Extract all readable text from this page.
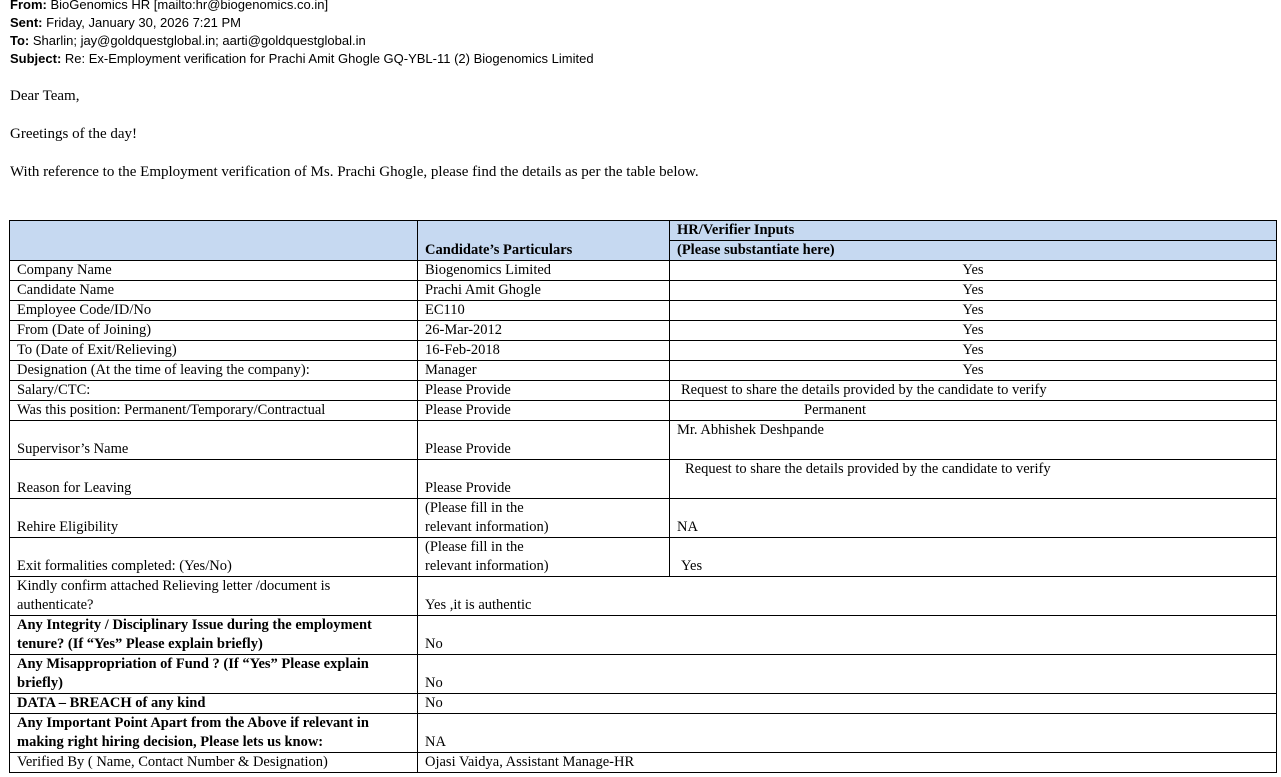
From: BioGenomics HR [mailto:hr@biogenomics.co.in]
Sent: Friday, January 30, 2026 7:21 PM
To: Sharlin; jay@goldquestglobal.in; aarti@goldquestglobal.in
Subject: Re: Ex-Employment verification for Prachi Amit Ghogle GQ-YBL-11 (2) Biogenomics Limited
Dear Team,
Greetings of the day!
With reference to the Employment verification of Ms. Prachi Ghogle, please find the details as per the table below.
	Candidate’s Particulars	HR/Verifier Inputs
		(Please substantiate here)
Company Name	Biogenomics Limited	Yes
Candidate Name	Prachi Amit Ghogle	Yes
Employee Code/ID/No	EC110	Yes
From (Date of Joining)	26-Mar-2012	Yes
To (Date of Exit/Relieving)	16-Feb-2018	Yes
Designation (At the time of leaving the company):	Manager	Yes
Salary/CTC:	Please Provide	Request to share the details provided by the candidate to verify
Was this position: Permanent/Temporary/Contractual	Please Provide	Permanent
Supervisor’s Name	Please Provide	Mr. Abhishek Deshpande
Reason for Leaving	Please Provide	Request to share the details provided by the candidate to verify
Rehire Eligibility	(Please fill in the relevant information)	NA
Exit formalities completed: (Yes/No)	(Please fill in the relevant information)	Yes
Kindly confirm attached Relieving letter /document is authenticate?	Yes ,it is authentic	
Any Integrity / Disciplinary Issue during the employment tenure? (If “Yes” Please explain briefly)	No	
Any Misappropriation of Fund ? (If “Yes” Please explain briefly)	No	
DATA – BREACH of any kind	No	
Any Important Point Apart from the Above if relevant in making right hiring decision, Please lets us know:	NA	
Verified By ( Name, Contact Number & Designation)	Ojasi Vaidya, Assistant Manage-HR	
